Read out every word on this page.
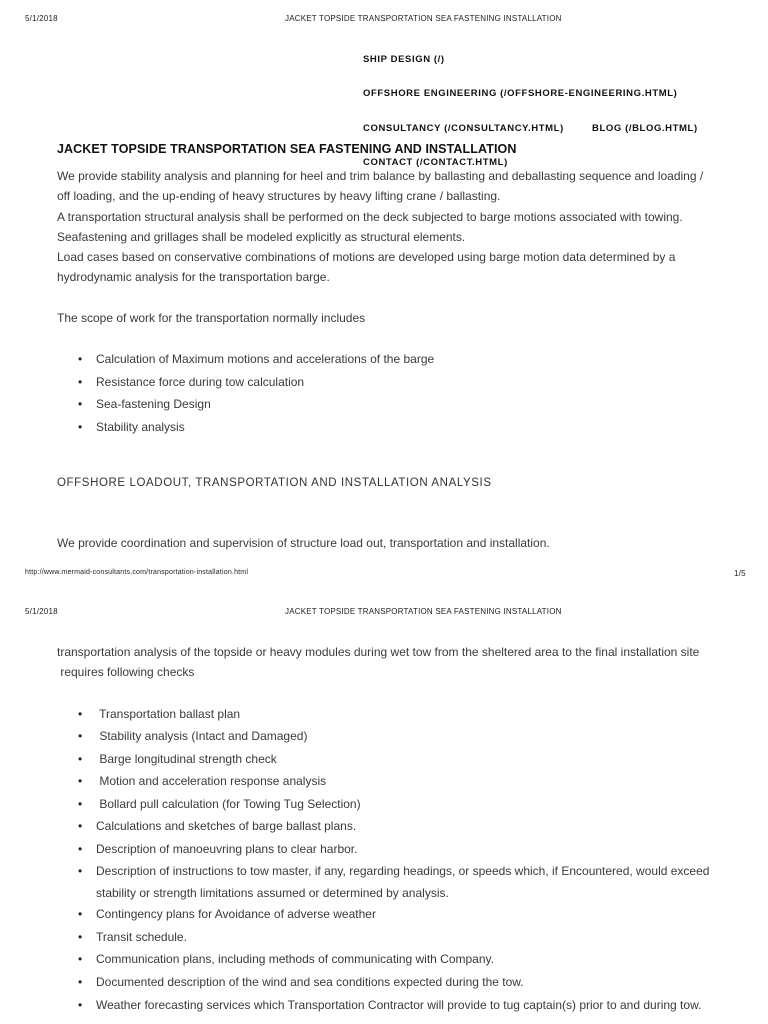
5/1/2018	JACKET TOPSIDE TRANSPORTATION SEA FASTENING INSTALLATION
SHIP DESIGN (/)
OFFSHORE ENGINEERING (/OFFSHORE-ENGINEERING.HTML)
CONSULTANCY (/CONSULTANCY.HTML)	BLOG (/BLOG.HTML)
CONTACT (/CONTACT.HTML)
JACKET TOPSIDE TRANSPORTATION SEA FASTENING AND INSTALLATION
We provide stability analysis and planning for heel and trim balance by ballasting and deballasting sequence and loading /
off loading, and the up-ending of heavy structures by heavy lifting crane / ballasting.
A transportation structural analysis shall be performed on the deck subjected to barge motions associated with towing.
Seafastening and grillages shall be modeled explicitly as structural elements.
Load cases based on conservative combinations of motions are developed using barge motion data determined by a
hydrodynamic analysis for the transportation barge.
The scope of work for the transportation normally includes
• Calculation of Maximum motions and accelerations of the barge
• Resistance force during tow calculation
• Sea-fastening Design
• Stability analysis
OFFSHORE LOADOUT, TRANSPORTATION AND INSTALLATION ANALYSIS
We provide coordination and supervision of structure load out, transportation and installation.
http://www.mermaid-consultants.com/transportation-installation.html	1/5
5/1/2018	JACKET TOPSIDE TRANSPORTATION SEA FASTENING INSTALLATION
transportation analysis of the topside or heavy modules during wet tow from the sheltered area to the final installation site
requires following checks
• Transportation ballast plan
• Stability analysis (Intact and Damaged)
• Barge longitudinal strength check
• Motion and acceleration response analysis
• Bollard pull calculation (for Towing Tug Selection)
• Calculations and sketches of barge ballast plans.
• Description of manoeuvring plans to clear harbor.
• Description of instructions to tow master, if any, regarding headings, or speeds which, if Encountered, would exceed
stability or strength limitations assumed or determined by analysis.
• Contingency plans for Avoidance of adverse weather
• Transit schedule.
• Communication plans, including methods of communicating with Company.
• Documented description of the wind and sea conditions expected during the tow.
• Weather forecasting services which Transportation Contractor will provide to tug captain(s) prior to and during tow.
